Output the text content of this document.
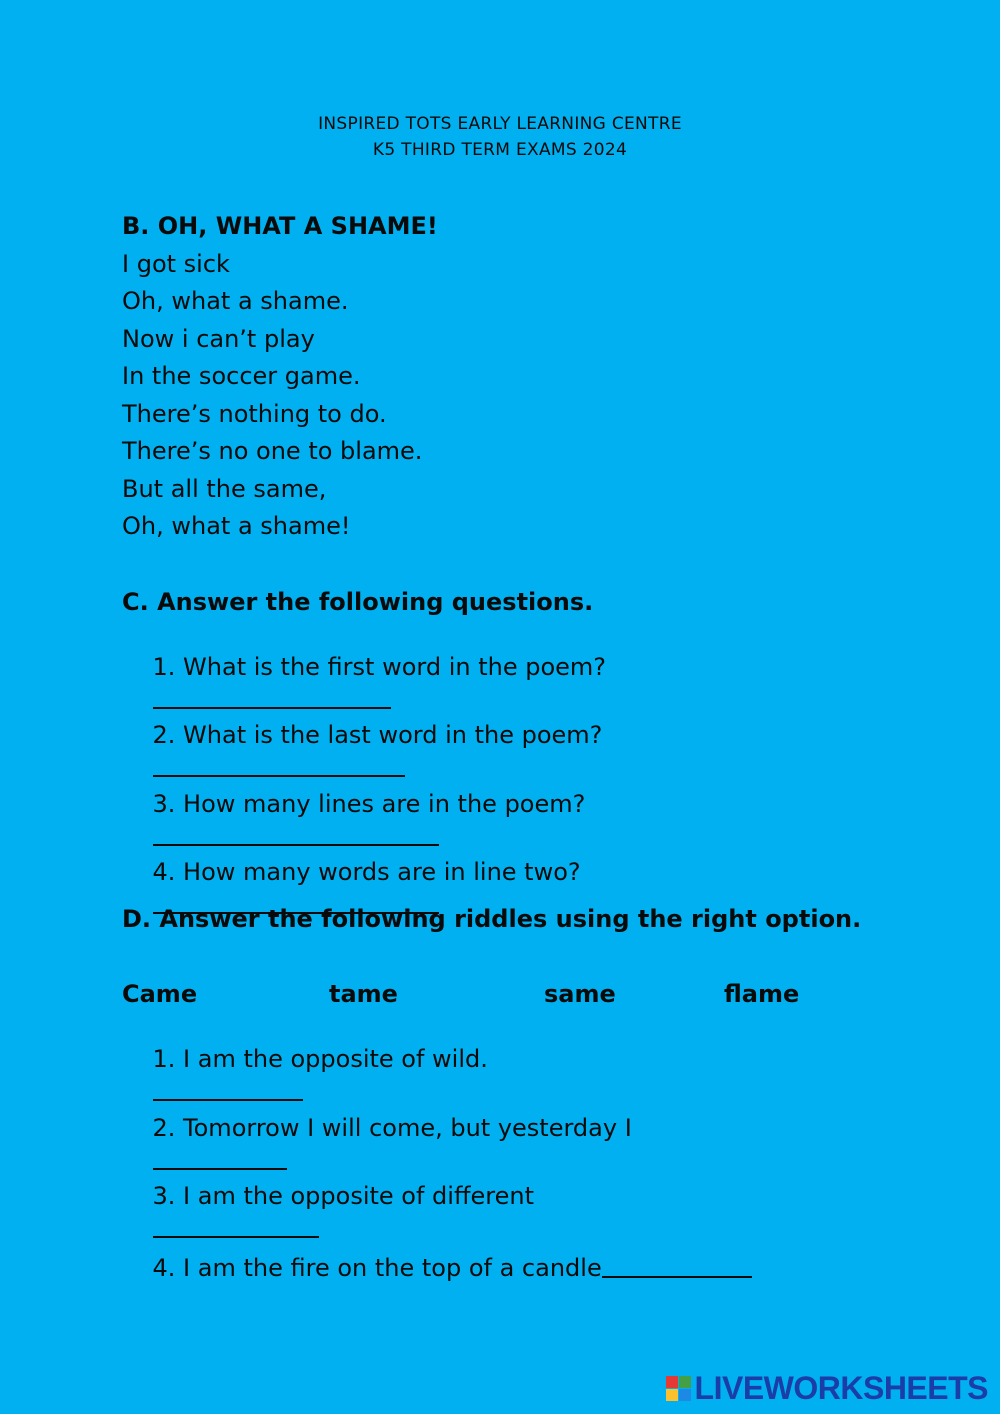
INSPIRED TOTS EARLY LEARNING CENTRE
K5 THIRD TERM EXAMS 2024
B. OH, WHAT A SHAME!
I got sick
Oh, what a shame.
Now i can’t play
In the soccer game.
There’s nothing to do.
There’s no one to blame.
But all the same,
Oh, what a shame!
C. Answer the following questions.

1. What is the first word in the poem?

2. What is the last word in the poem?

3. How many lines are in the poem?

4. How many words are in line two?

D. Answer the following riddles using the right option.
Came	tame	same	flame

1. I am the opposite of wild.

2. Tomorrow I will come, but yesterday I

3. I am the opposite of different

4. I am the fire on the top of a candle

LIVEWORKSHEETS
